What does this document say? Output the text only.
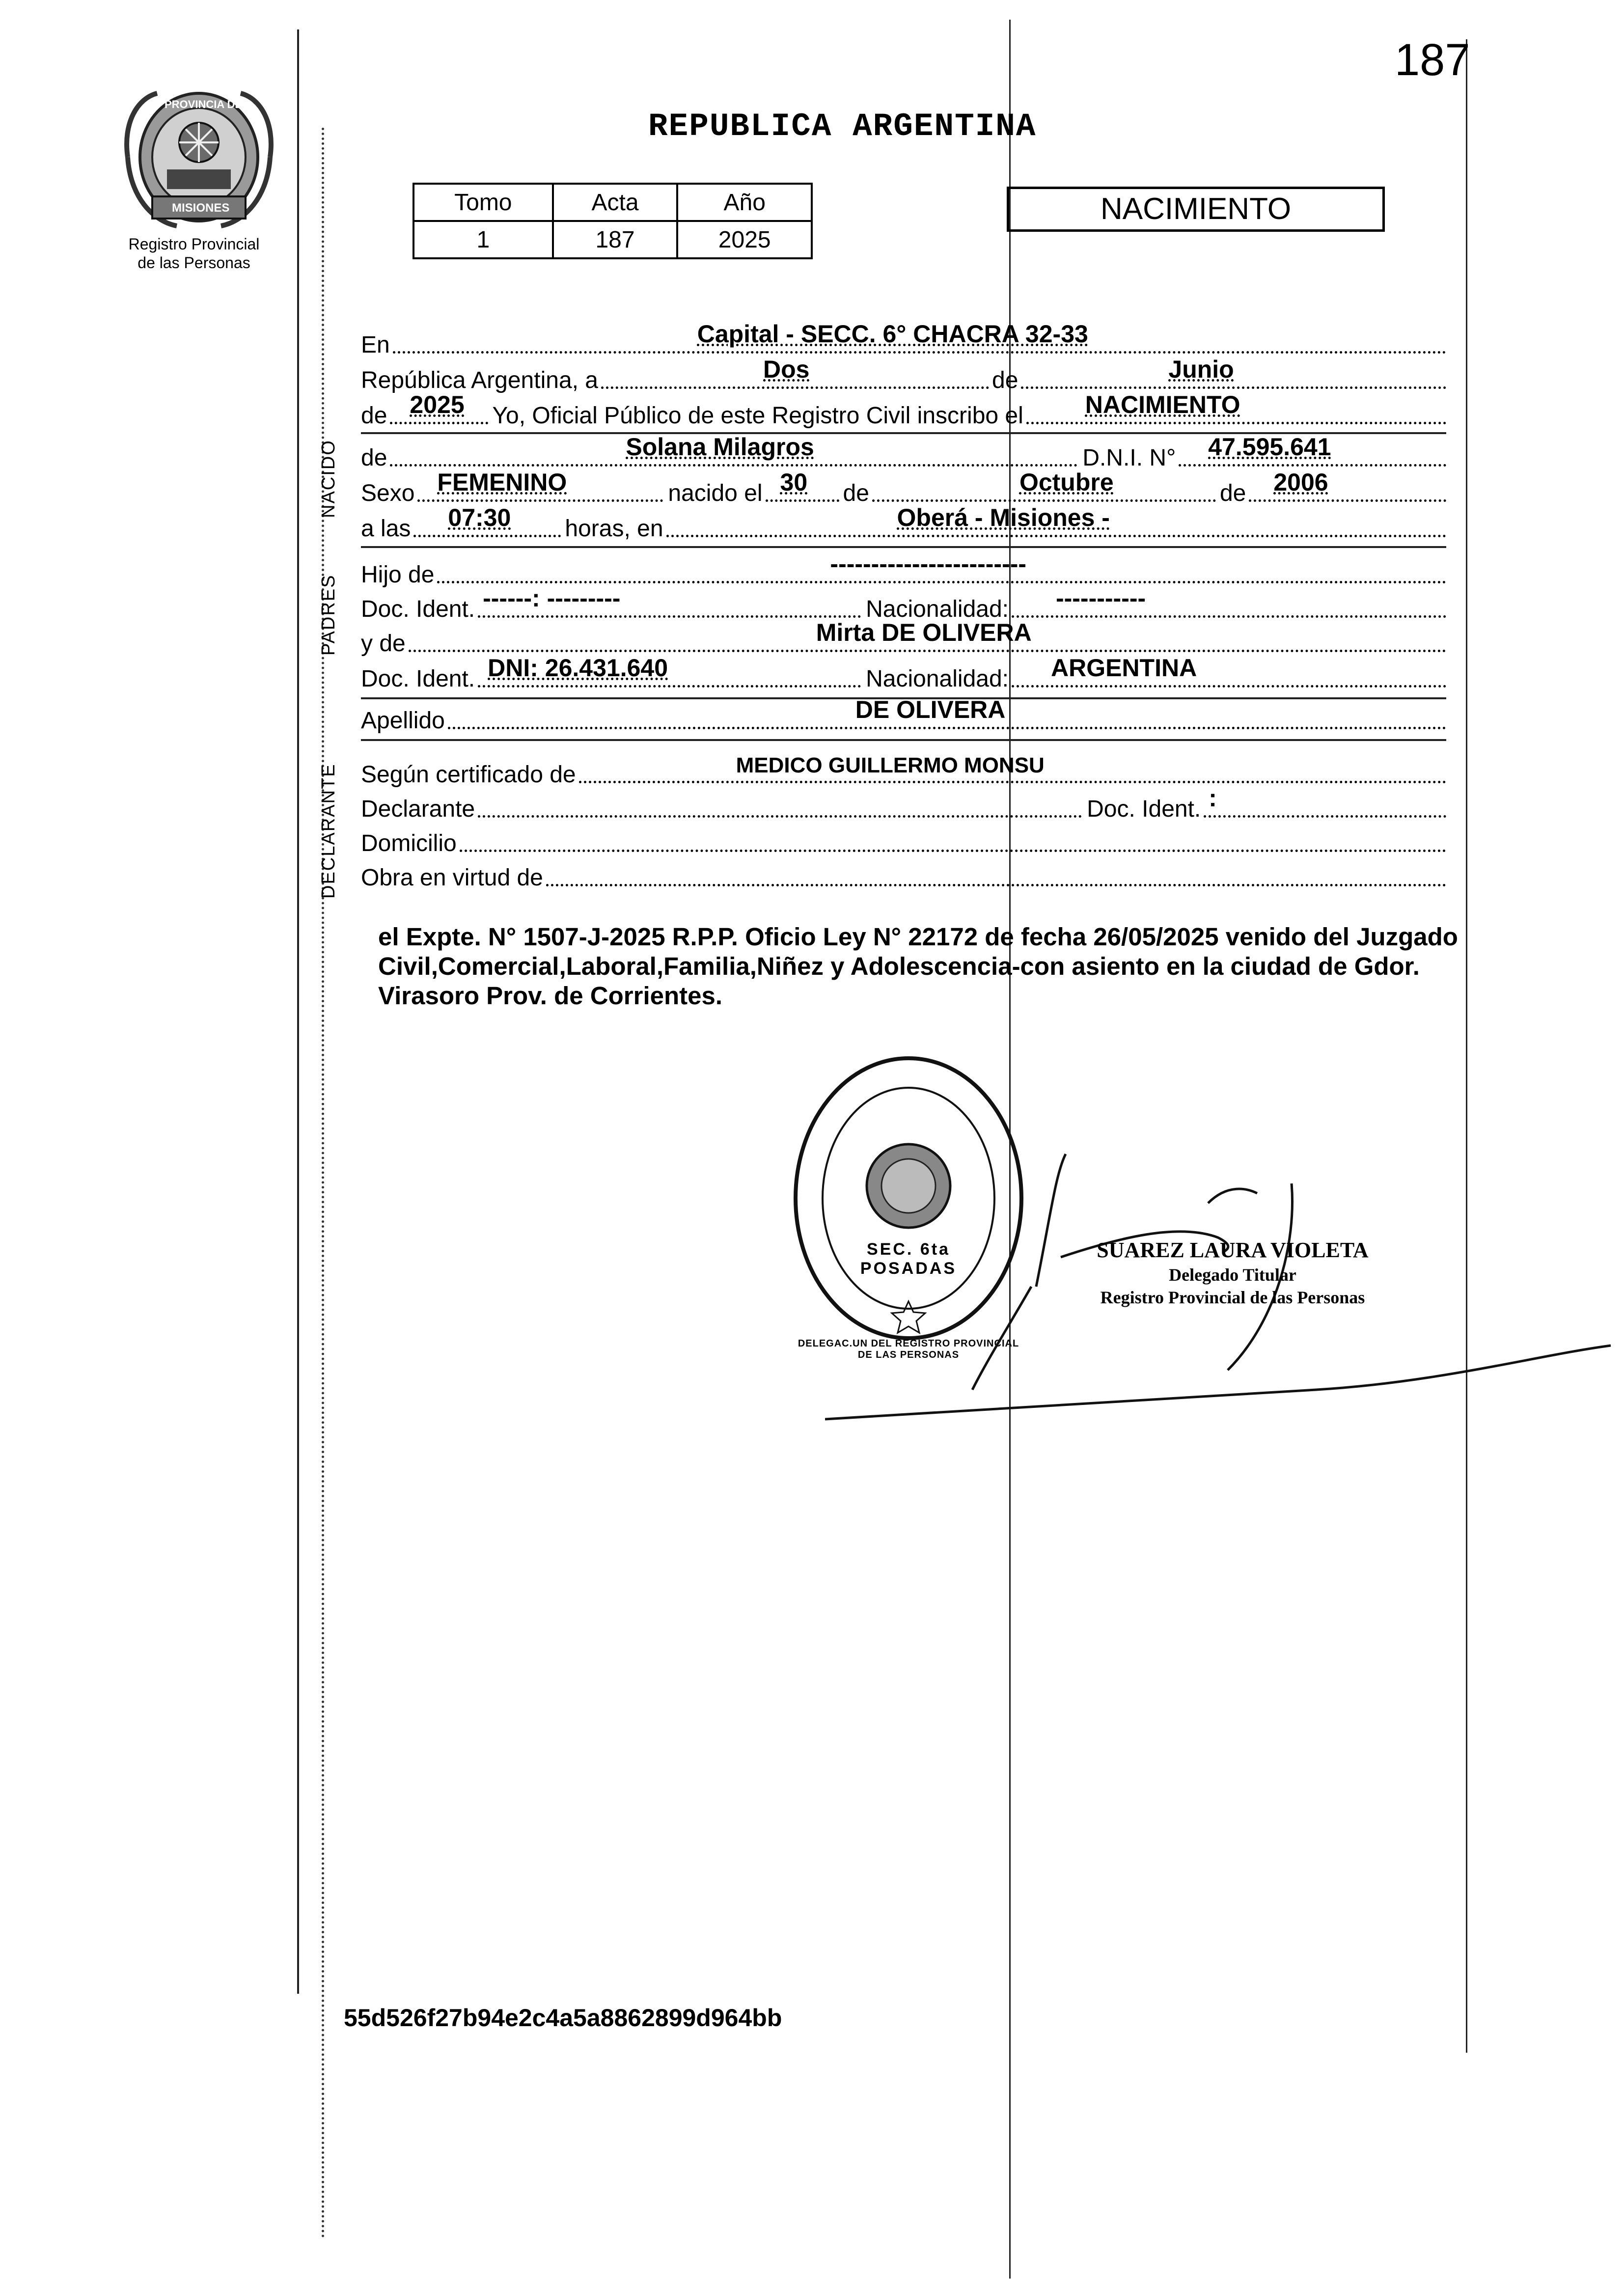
187
PROVINCIA DE
MISIONES
Registro Provincial
de las Personas
REPUBLICA ARGENTINA
Tomo	Acta	Año
1	187	2025
NACIMIENTO
NACIDO
PADRES
DECLARANTE
En	Capital - SECC. 6° CHACRA 32-33
República Argentina, a	Dos	de	Junio
de 2025 Yo, Oficial Público de este Registro Civil inscribo el	NACIMIENTO
de	Solana Milagros	D.N.I. N° 47.595.641
Sexo FEMENINO	nacido el 30 de	Octubre	de 2006
a las 07:30 horas, en	Oberá - Misiones -
Hijo de	------------------------
Doc. Ident. ------: ---------	Nacionalidad: -----------
y de	Mirta DE OLIVERA
Doc. Ident. DNI: 26.431.640	Nacionalidad: ARGENTINA
Apellido	DE OLIVERA
Según certificado de	MEDICO GUILLERMO MONSU
Declarante	Doc. Ident. :
Domicilio
Obra en virtud de
el Expte. N° 1507-J-2025 R.P.P. Oficio Ley N° 22172 de fecha 26/05/2025 venido del Juzgado Civil,Comercial,Laboral,Familia,Niñez y Adolescencia-con asiento en la ciudad de Gdor. Virasoro Prov. de Corrientes.
DELEGAC.UN DEL REGISTRO PROVINCIAL DE LAS PERSONAS
SEC. 6ta POSADAS
SUAREZ LAURA VIOLETA
Delegado Titular
Registro Provincial de las Personas
55d526f27b94e2c4a5a8862899d964bb
